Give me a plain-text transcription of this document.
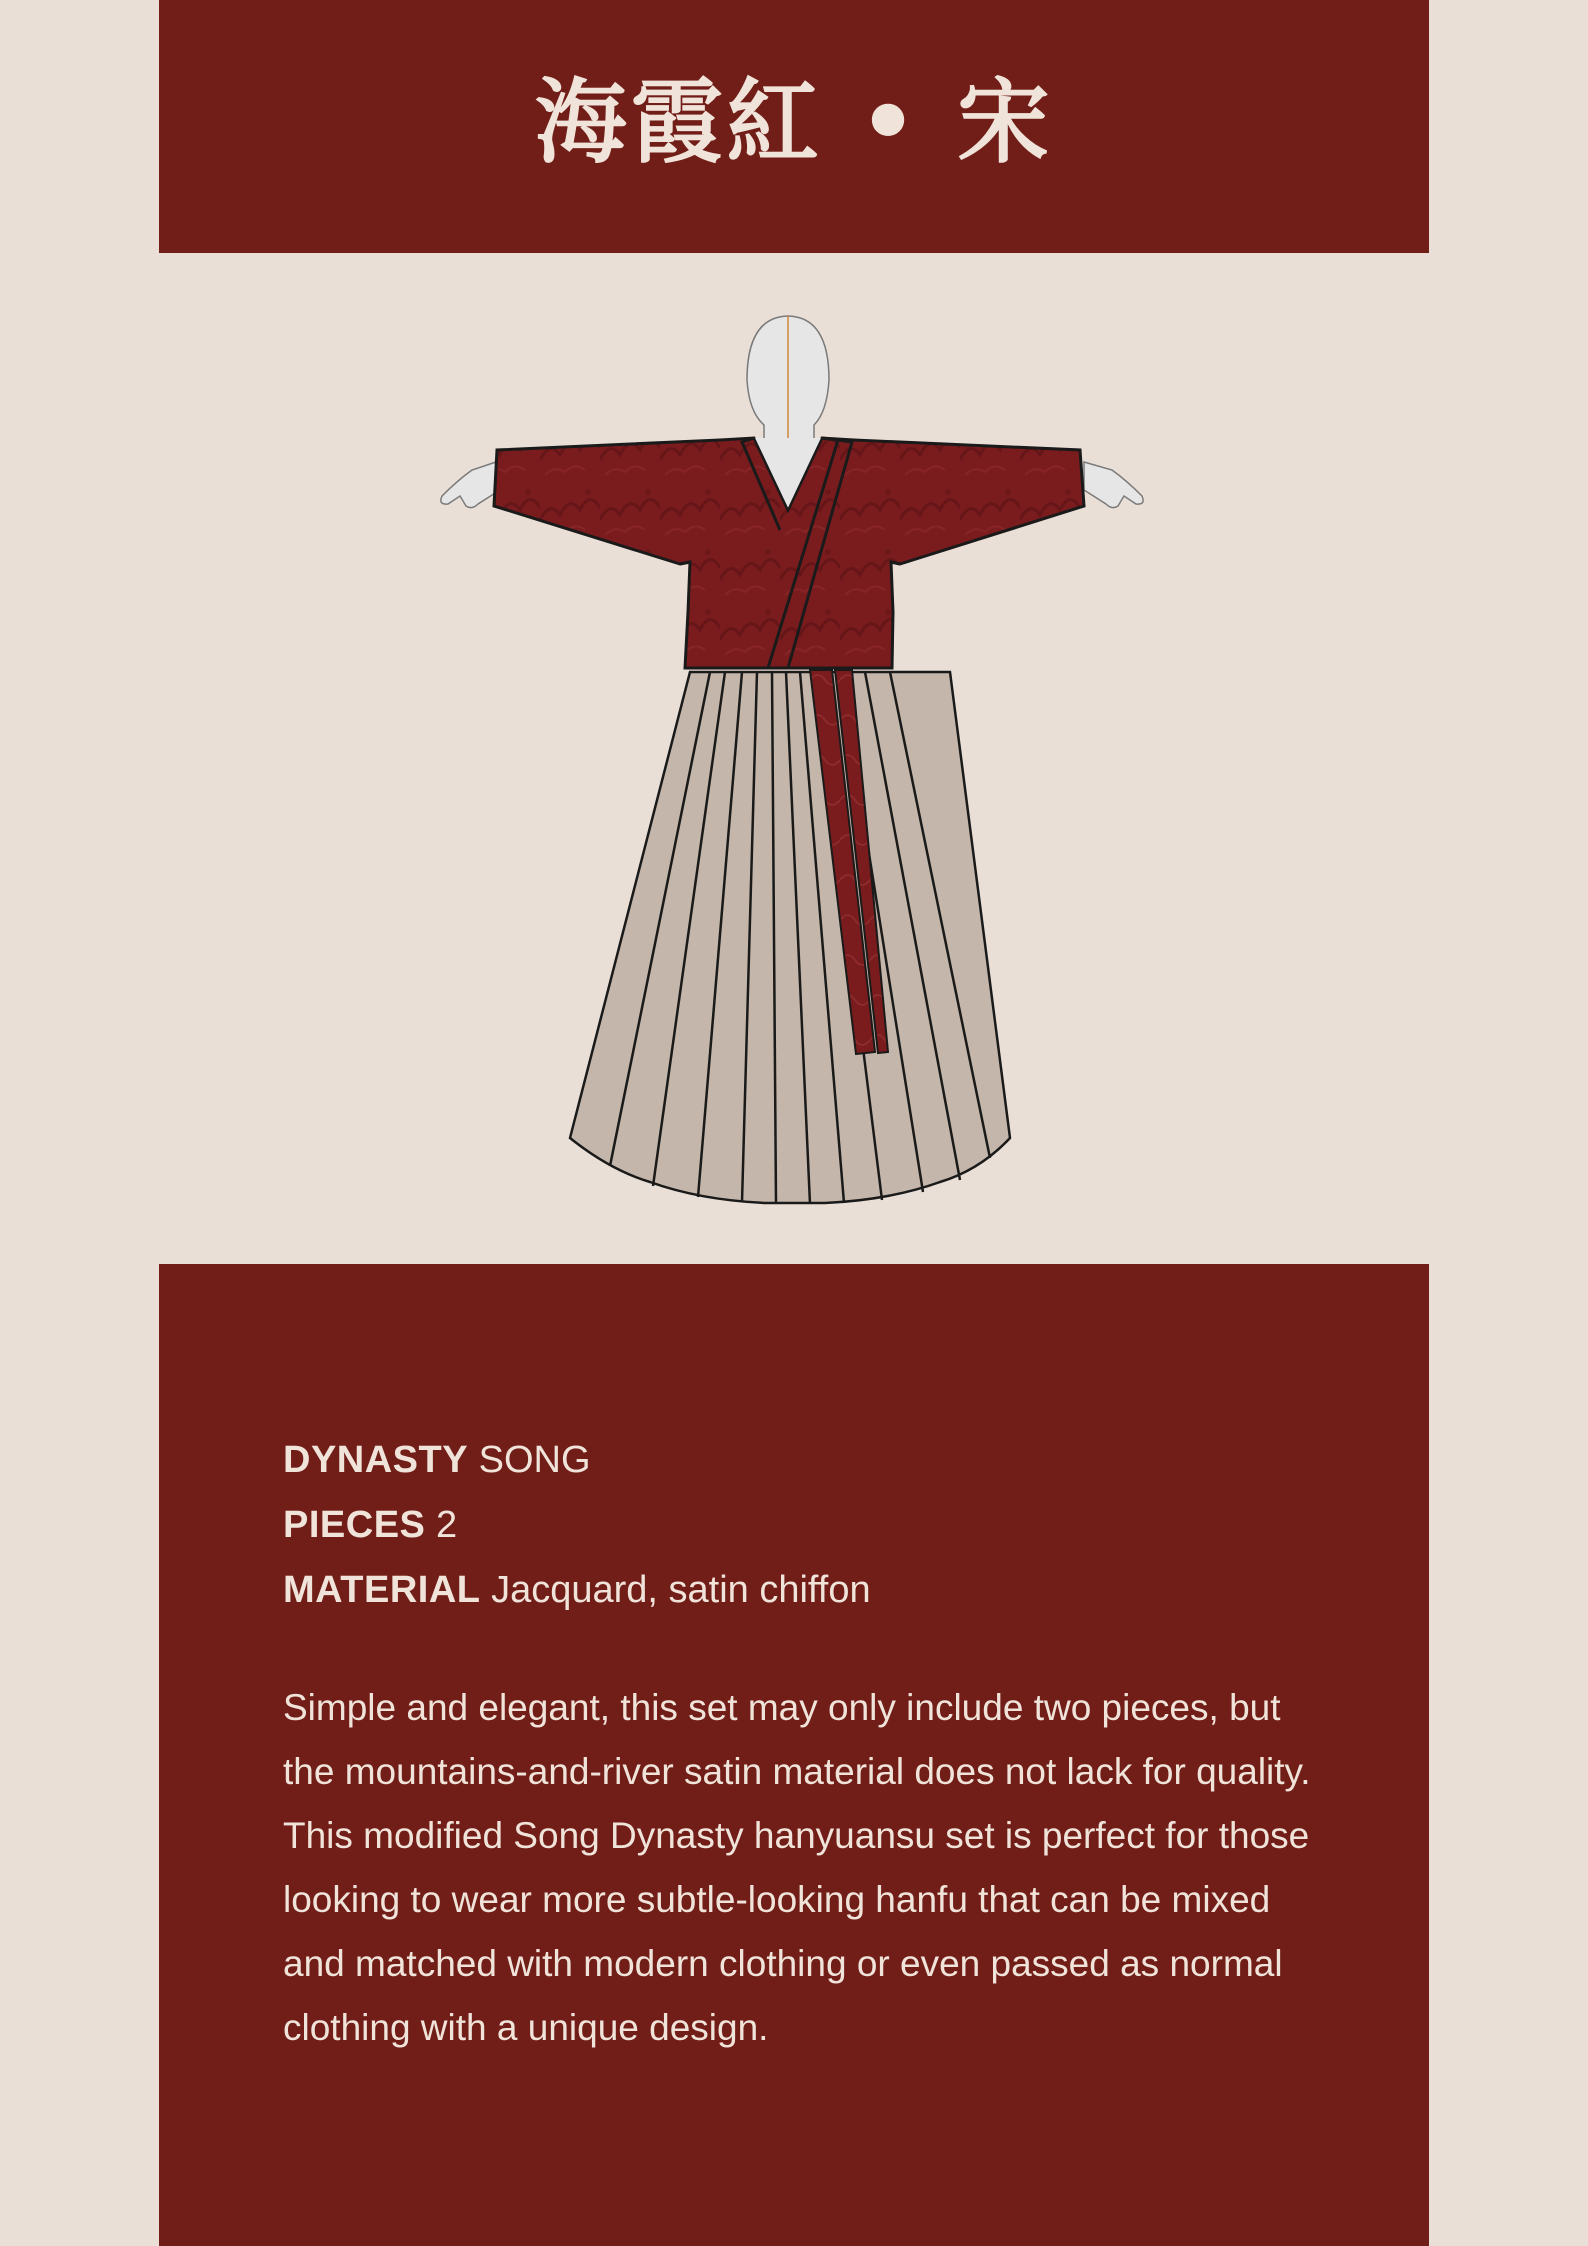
海霞紅 • 宋
DYNASTY SONG
PIECES 2
MATERIAL Jacquard, satin chiffon

Simple and elegant, this set may only include two pieces, but the mountains-and-river satin material does not lack for quality. This modified Song Dynasty hanyuansu set is perfect for those looking to wear more subtle-looking hanfu that can be mixed and matched with modern clothing or even passed as normal clothing with a unique design.
